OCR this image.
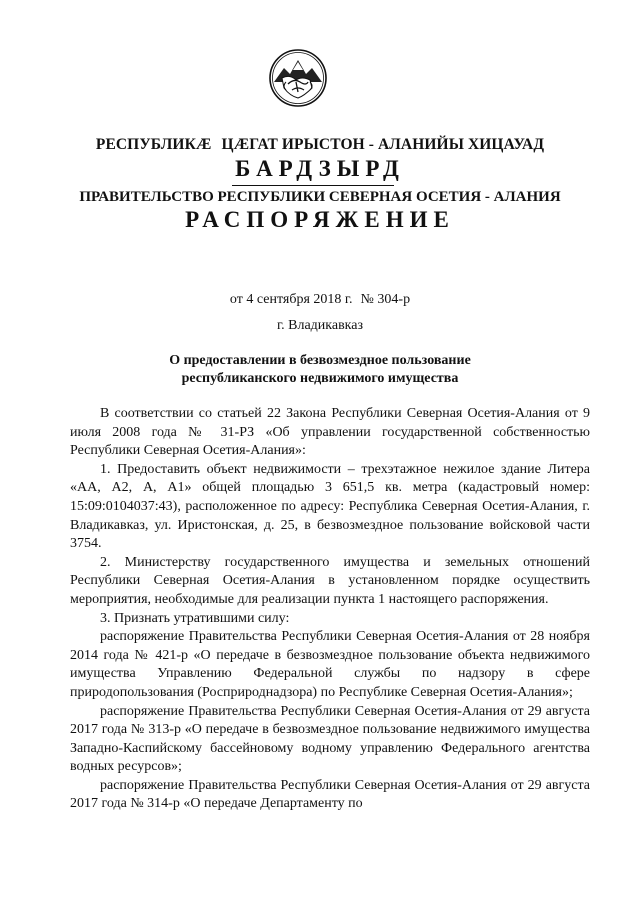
РЕСПУБЛИКӔ ЦӔГАТ ИРЫСТОН - АЛАНИЙЫ ХИЦАУАД
БАРДЗЫРД
ПРАВИТЕЛЬСТВО РЕСПУБЛИКИ СЕВЕРНАЯ ОСЕТИЯ - АЛАНИЯ
РАСПОРЯЖЕНИЕ
от 4 сентября 2018 г. № 304-р
г. Владикавказ
О предоставлении в безвозмездное пользование
республиканского недвижимого имущества

В соответствии со статьей 22 Закона Республики Северная Осетия-Алания от 9 июля 2008 года № 31-РЗ «Об управлении государственной собственностью Республики Северная Осетия-Алания»:

1. Предоставить объект недвижимости – трехэтажное нежилое здание Литера «АА, А2, А, А1» общей площадью 3 651,5 кв. метра (кадастровый номер: 15:09:0104037:43), расположенное по адресу: Республика Северная Осетия-Алания, г. Владикавказ, ул. Иристонская, д. 25, в безвозмездное пользование войсковой части 3754.

2. Министерству государственного имущества и земельных отношений Республики Северная Осетия-Алания в установленном порядке осуществить мероприятия, необходимые для реализации пункта 1 настоящего распоряжения.

3. Признать утратившими силу:

распоряжение Правительства Республики Северная Осетия-Алания от 28 ноября 2014 года № 421-р «О передаче в безвозмездное пользование объекта недвижимого имущества Управлению Федеральной службы по надзору в сфере природопользования (Росприроднадзора) по Республике Северная Осетия-Алания»;

распоряжение Правительства Республики Северная Осетия-Алания от 29 августа 2017 года № 313-р «О передаче в безвозмездное пользование недвижимого имущества Западно-Каспийскому бассейновому водному управлению Федерального агентства водных ресурсов»;

распоряжение Правительства Республики Северная Осетия-Алания от 29 августа 2017 года № 314-р «О передаче Департаменту по
